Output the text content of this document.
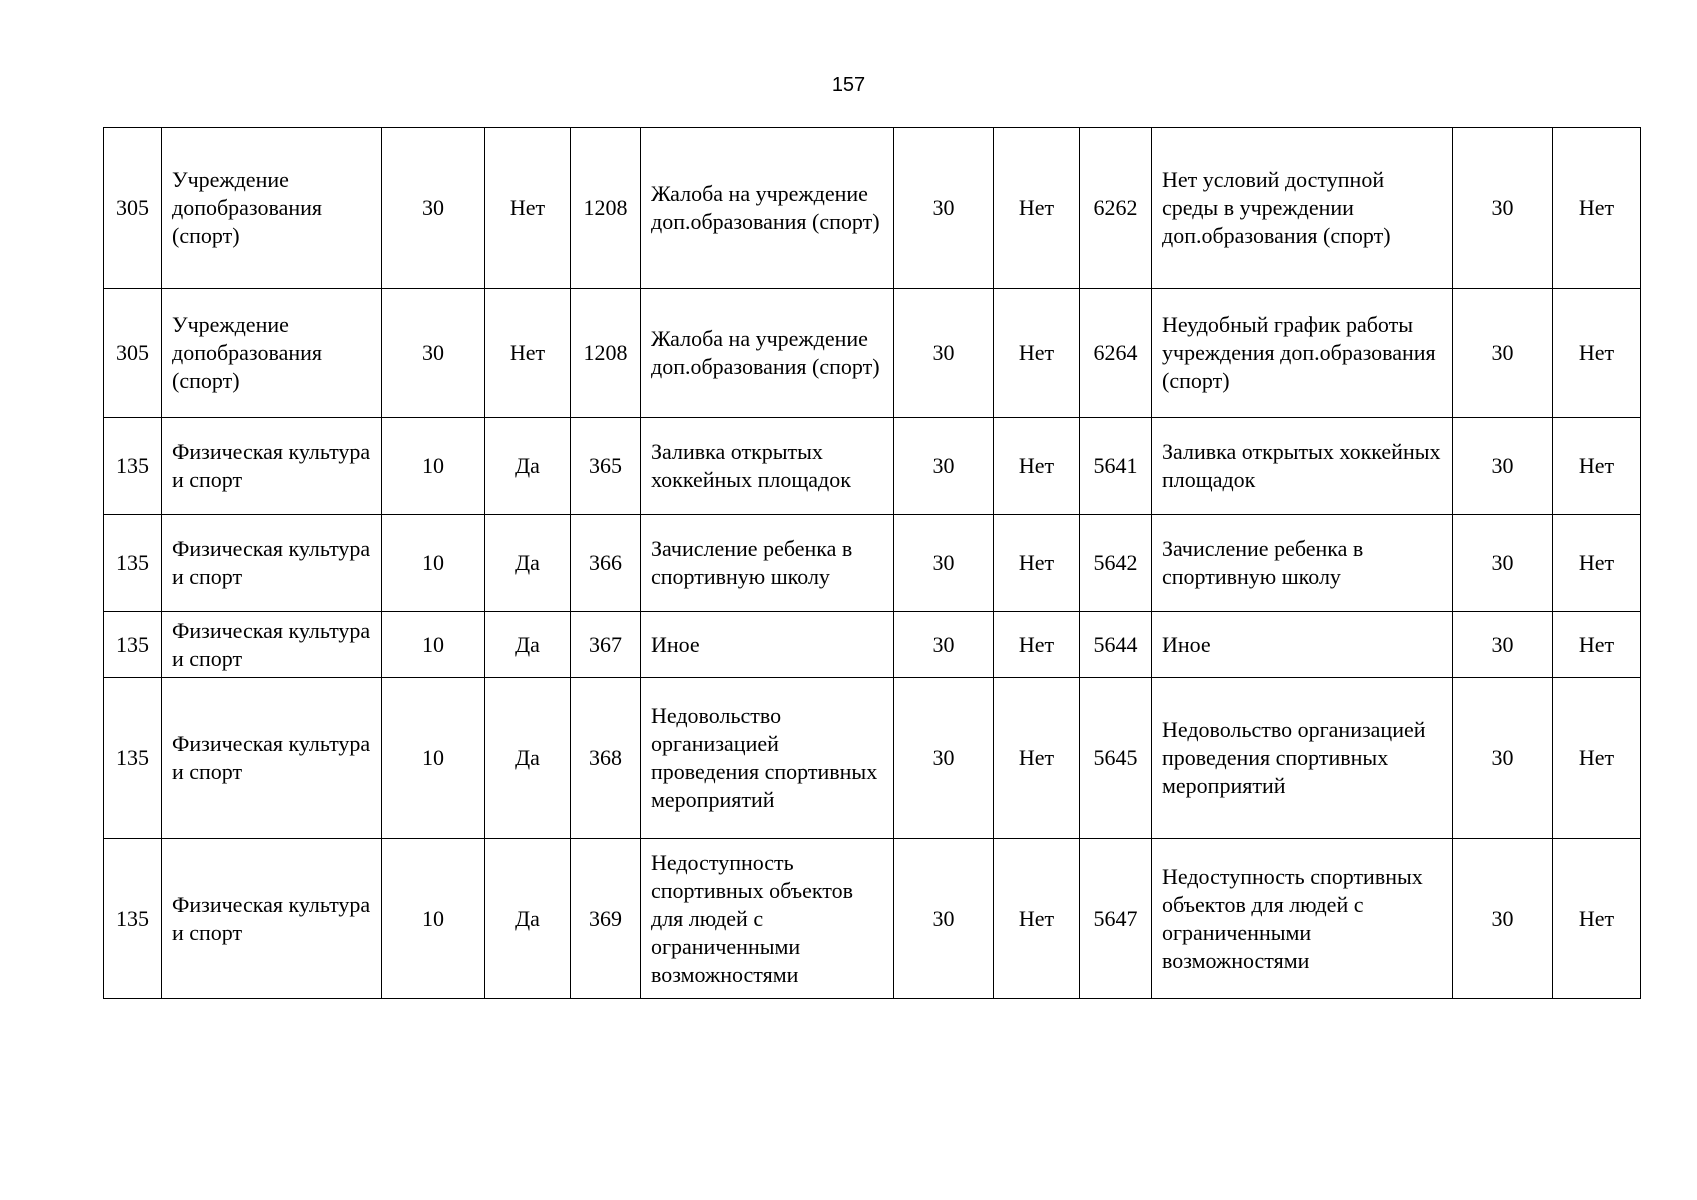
157
305	Учреждение допобразования (спорт)	30	Нет	1208	Жалоба на учреждение доп.образования (спорт)	30	Нет	6262	Нет условий доступной среды в учреждении доп.образования (спорт)	30	Нет
305	Учреждение допобразования (спорт)	30	Нет	1208	Жалоба на учреждение доп.образования (спорт)	30	Нет	6264	Неудобный график работы учреждения доп.образования (спорт)	30	Нет
135	Физическая культура и спорт	10	Да	365	Заливка открытых хоккейных площадок	30	Нет	5641	Заливка открытых хоккейных площадок	30	Нет
135	Физическая культура и спорт	10	Да	366	Зачисление ребенка в спортивную школу	30	Нет	5642	Зачисление ребенка в спортивную школу	30	Нет
135	Физическая культура и спорт	10	Да	367	Иное	30	Нет	5644	Иное	30	Нет
135	Физическая культура и спорт	10	Да	368	Недовольство организацией проведения спортивных мероприятий	30	Нет	5645	Недовольство организацией проведения спортивных мероприятий	30	Нет
135	Физическая культура и спорт	10	Да	369	Недоступность спортивных объектов для людей с ограниченными возможностями	30	Нет	5647	Недоступность спортивных объектов для людей с ограниченными возможностями	30	Нет
